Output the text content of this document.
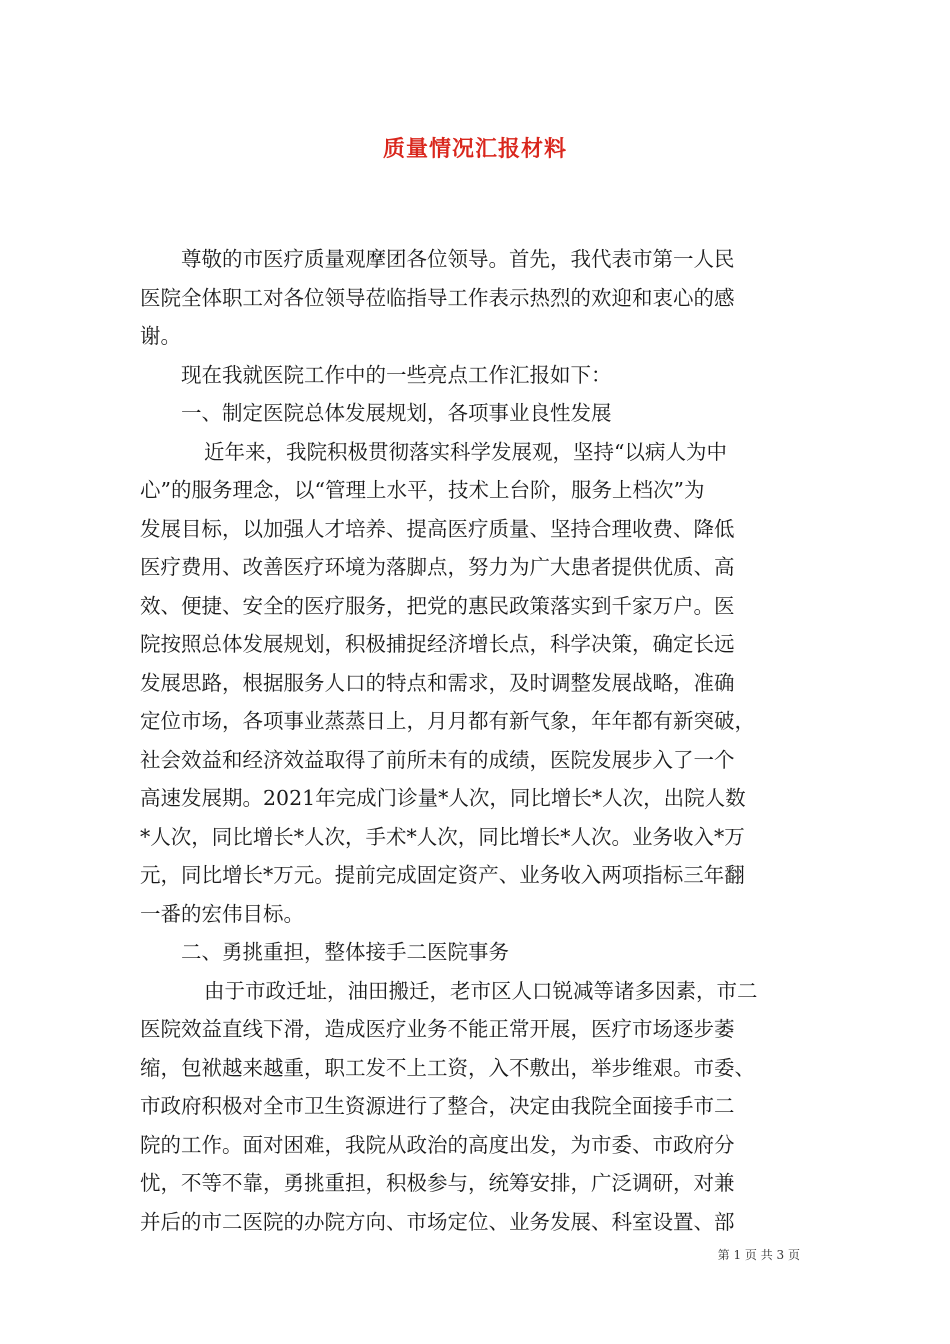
质量情况汇报材料
尊敬的市医疗质量观摩团各位领导。首先，我代表市第一人民
医院全体职工对各位领导莅临指导工作表示热烈的欢迎和衷心的感
谢。
现在我就医院工作中的一些亮点工作汇报如下：
一、制定医院总体发展规划，各项事业良性发展
近年来，我院积极贯彻落实科学发展观，坚持“以病人为中
心”的服务理念，以“管理上水平，技术上台阶，服务上档次”为
发展目标，以加强人才培养、提高医疗质量、坚持合理收费、降低
医疗费用、改善医疗环境为落脚点，努力为广大患者提供优质、高
效、便捷、安全的医疗服务，把党的惠民政策落实到千家万户。医
院按照总体发展规划，积极捕捉经济增长点，科学决策，确定长远
发展思路，根据服务人口的特点和需求，及时调整发展战略，准确
定位市场，各项事业蒸蒸日上，月月都有新气象，年年都有新突破，
社会效益和经济效益取得了前所未有的成绩，医院发展步入了一个
高速发展期。2021年完成门诊量*人次，同比增长*人次，出院人数
*人次，同比增长*人次，手术*人次，同比增长*人次。业务收入*万
元，同比增长*万元。提前完成固定资产、业务收入两项指标三年翻
一番的宏伟目标。
二、勇挑重担，整体接手二医院事务
由于市政迁址，油田搬迁，老市区人口锐减等诸多因素，市二
医院效益直线下滑，造成医疗业务不能正常开展，医疗市场逐步萎
缩，包袱越来越重，职工发不上工资，入不敷出，举步维艰。市委、
市政府积极对全市卫生资源进行了整合，决定由我院全面接手市二
院的工作。面对困难，我院从政治的高度出发，为市委、市政府分
忧，不等不靠，勇挑重担，积极参与，统筹安排，广泛调研，对兼
并后的市二医院的办院方向、市场定位、业务发展、科室设置、部
第 1 页 共 3 页
